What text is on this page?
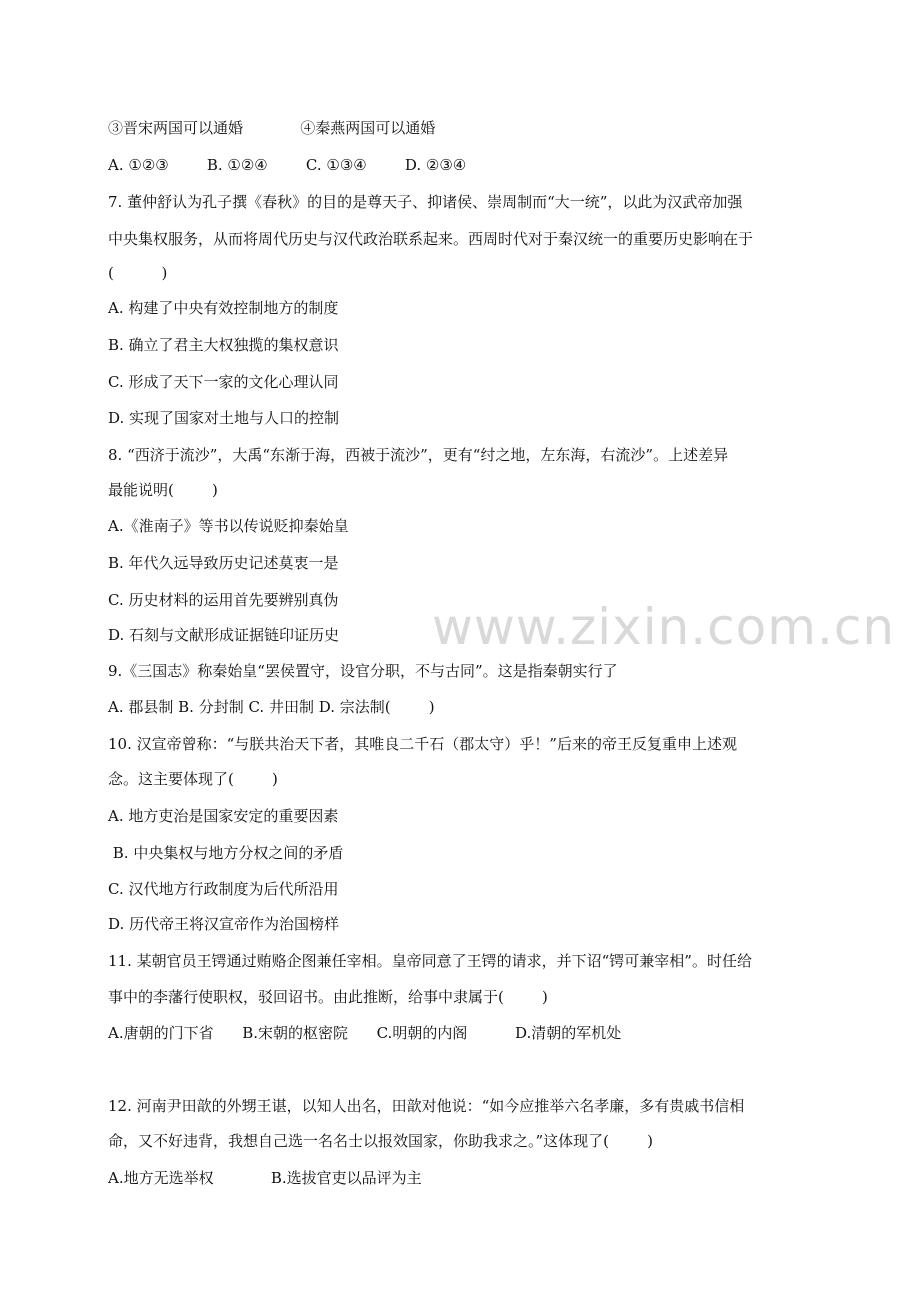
www.zixin.com.cn
③晋宋两国可以通婚            ④秦燕两国可以通婚
A. ①②③        B. ①②④        C. ①③④        D. ②③④
7. 董仲舒认为孔子撰《春秋》的目的是尊天子、抑诸侯、崇周制而“大一统”，以此为汉武帝加强
中央集权服务，从而将周代历史与汉代政治联系起来。西周时代对于秦汉统一的重要历史影响在于
(          )
A. 构建了中央有效控制地方的制度
B. 确立了君主大权独揽的集权意识
C. 形成了天下一家的文化心理认同
D. 实现了国家对土地与人口的控制
8. “西济于流沙”，大禹“东渐于海，西被于流沙”，更有“纣之地，左东海，右流沙”。上述差异
最能说明(        )
A.《淮南子》等书以传说贬抑秦始皇
B. 年代久远导致历史记述莫衷一是
C. 历史材料的运用首先要辨别真伪
D. 石刻与文献形成证据链印证历史
9.《三国志》称秦始皇“罢侯置守，设官分职，不与古同”。这是指秦朝实行了
A. 郡县制 B. 分封制 C. 井田制 D. 宗法制(        )
10. 汉宣帝曾称：“与朕共治天下者，其唯良二千石（郡太守）乎！”后来的帝王反复重申上述观
念。这主要体现了(        )
A. 地方吏治是国家安定的重要因素
B. 中央集权与地方分权之间的矛盾
C. 汉代地方行政制度为后代所沿用
D. 历代帝王将汉宣帝作为治国榜样
11. 某朝官员王锷通过贿赂企图兼任宰相。皇帝同意了王锷的请求，并下诏“锷可兼宰相”。时任给
事中的李藩行使职权，驳回诏书。由此推断，给事中隶属于(        )
A.唐朝的门下省      B.宋朝的枢密院      C.明朝的内阁          D.清朝的军机处
12. 河南尹田歆的外甥王谌，以知人出名，田歆对他说：“如今应推举六名孝廉，多有贵戚书信相
命，又不好违背，我想自己选一名名士以报效国家，你助我求之。”这体现了(        )
A.地方无选举权            B.选拔官吏以品评为主
